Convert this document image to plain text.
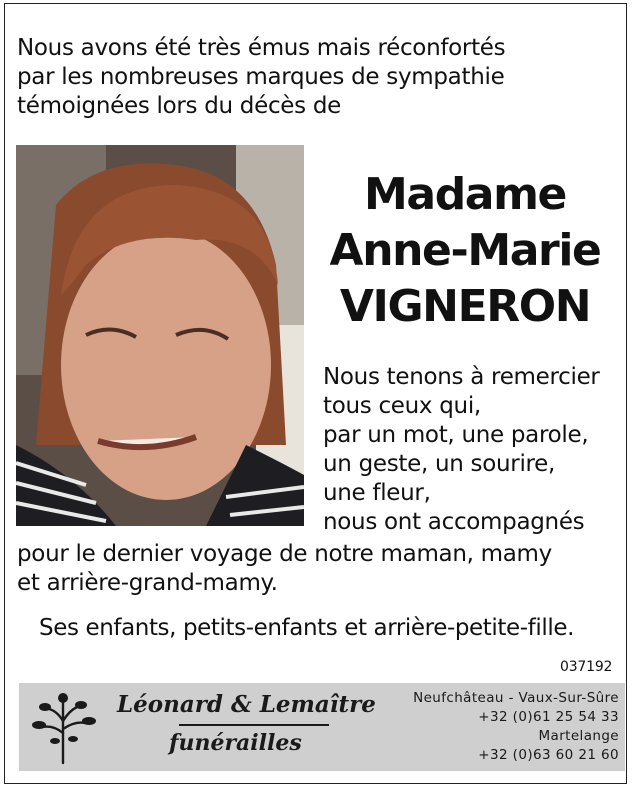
Nous avons été très émus mais réconfortés
par les nombreuses marques de sympathie
témoignées lors du décès de
Madame
Anne-Marie
VIGNERON
Nous tenons à remercier
tous ceux qui,
par un mot, une parole,
un geste, un sourire,
une fleur,
nous ont accompagnés
pour le dernier voyage de notre maman, mamy
et arrière-grand-mamy.
Ses enfants, petits-enfants et arrière-petite-fille.
037192
Léonard & Lemaître
funérailles
Neufchâteau - Vaux-Sur-Sûre
+32 (0)61 25 54 33
Martelange
+32 (0)63 60 21 60
